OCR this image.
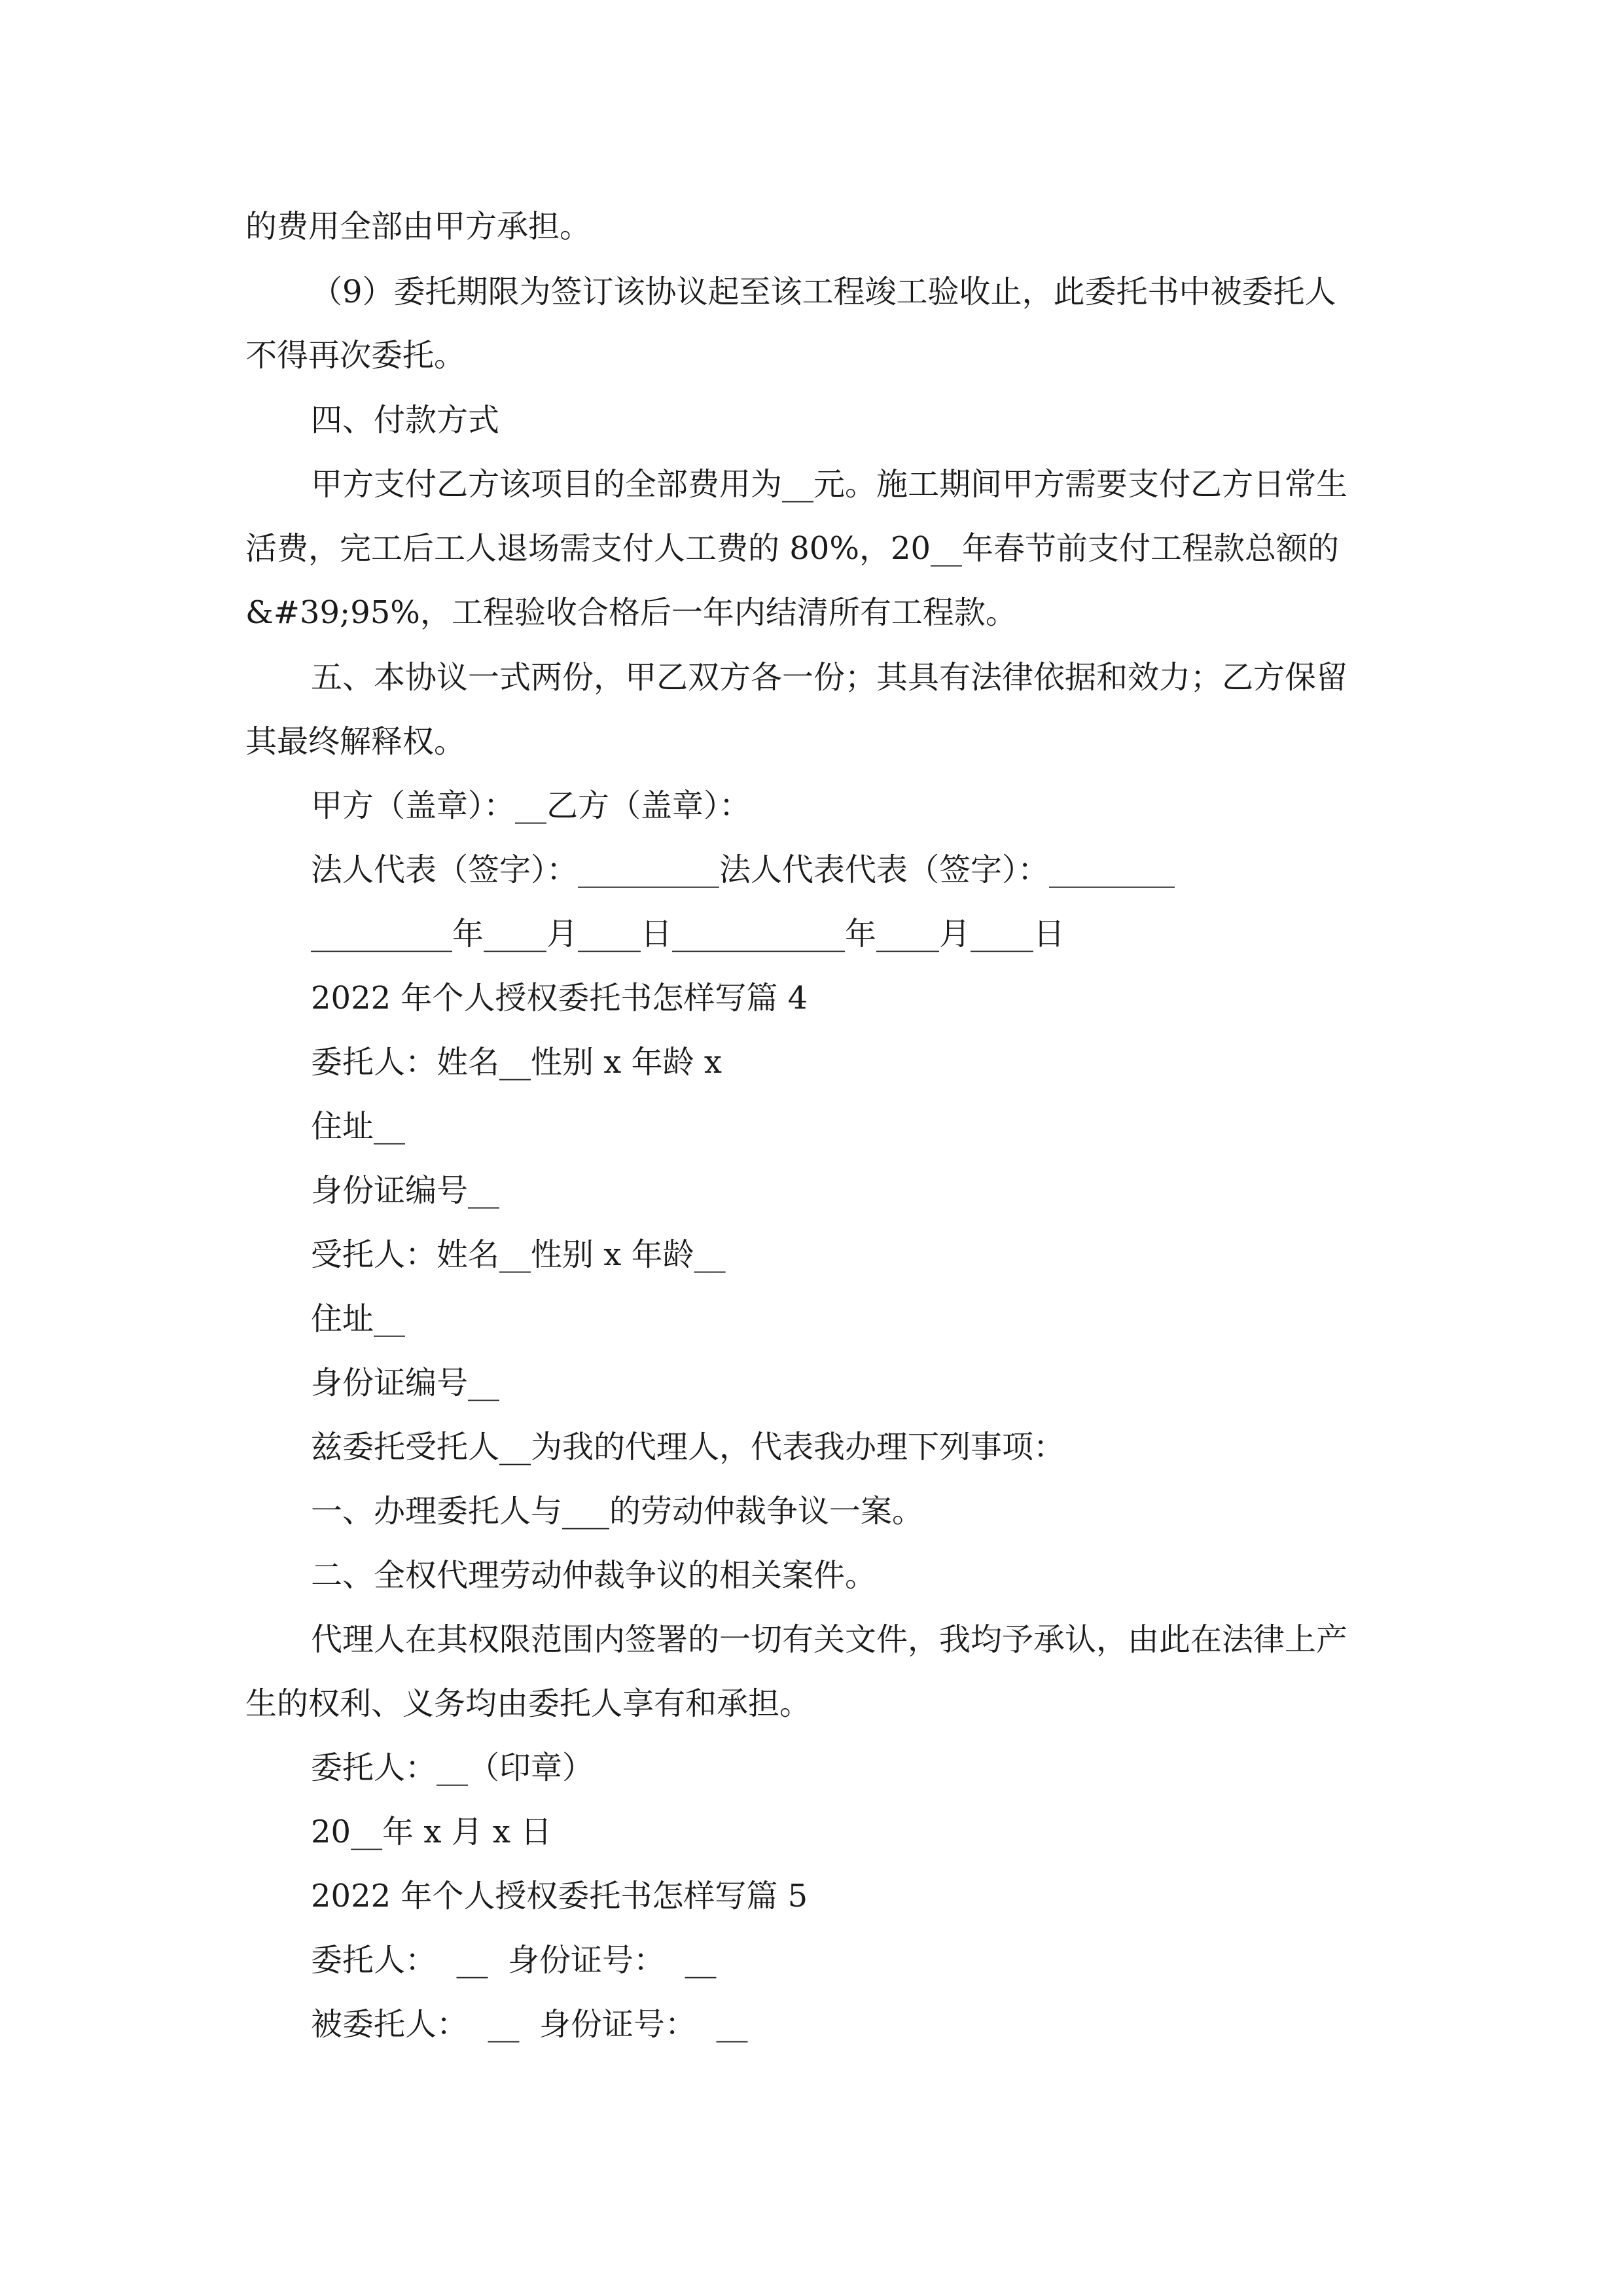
的费用全部由甲方承担。
（9）委托期限为签订该协议起至该工程竣工验收止，此委托书中被委托人
不得再次委托。
四、付款方式
甲方支付乙方该项目的全部费用为__元。施工期间甲方需要支付乙方日常生
活费，完工后工人退场需支付人工费的 80%，20__年春节前支付工程款总额的
&#39;95%，工程验收合格后一年内结清所有工程款。
五、本协议一式两份，甲乙双方各一份；其具有法律依据和效力；乙方保留
其最终解释权。
甲方（盖章）：__乙方（盖章）：
法人代表（签字）：_________法人代表代表（签字）：________
_________年____月____日___________年____月____日
2022 年个人授权委托书怎样写篇 4
委托人：姓名__性别 x 年龄 x
住址__
身份证编号__
受托人：姓名__性别 x 年龄__
住址__
身份证编号__
兹委托受托人__为我的代理人，代表我办理下列事项：
一、办理委托人与___的劳动仲裁争议一案。
二、全权代理劳动仲裁争议的相关案件。
代理人在其权限范围内签署的一切有关文件，我均予承认，由此在法律上产
生的权利、义务均由委托人享有和承担。
委托人：__（印章）
20__年 x 月 x 日
2022 年个人授权委托书怎样写篇 5
委托人：  __  身份证号：  __
被委托人：  __  身份证号：  __
